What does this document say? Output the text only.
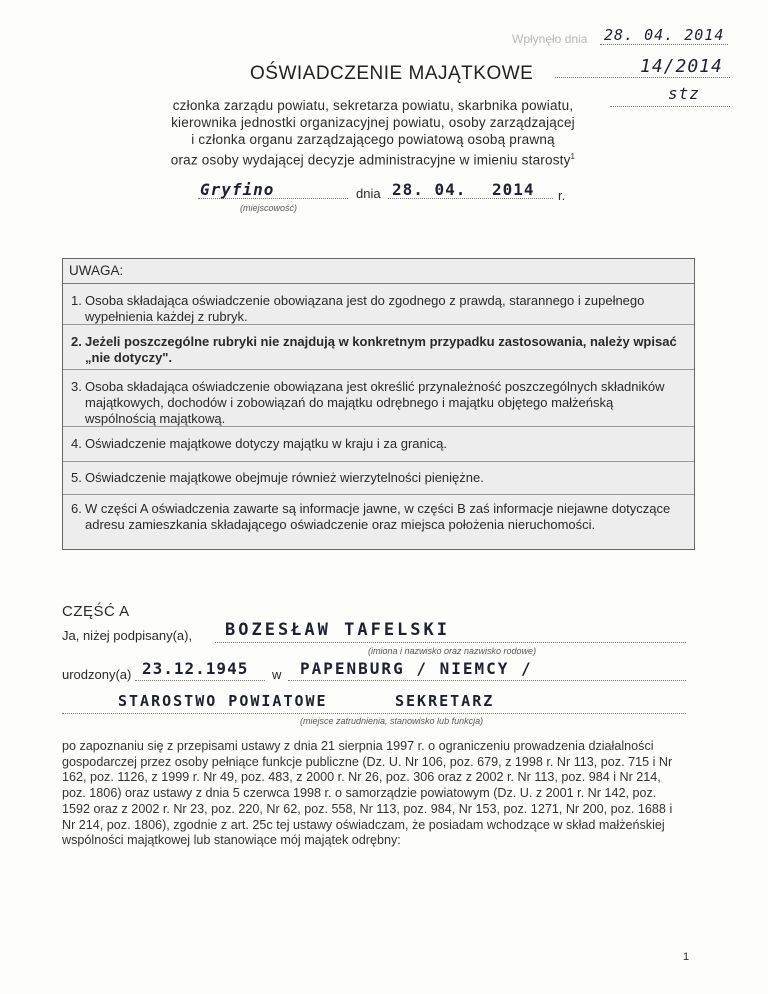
Wpłynęło dnia 28. 04. 2014
14/2014
stz
OŚWIADCZENIE MAJĄTKOWE
członka zarządu powiatu, sekretarza powiatu, skarbnika powiatu,
kierownika jednostki organizacyjnej powiatu, osoby zarządzającej
i członka organu zarządzającego powiatową osobą prawną
oraz osoby wydającej decyzje administracyjne w imieniu starosty$^1$
Gryfino
(miejscowość)
dnia 28. 04. 2014 r.
UWAGA:
1. Osoba składająca oświadczenie obowiązana jest do zgodnego z prawdą, starannego i zupełnego wypełnienia każdej z rubryk.
2. Jeżeli poszczególne rubryki nie znajdują w konkretnym przypadku zastosowania, należy wpisać „nie dotyczy".
3. Osoba składająca oświadczenie obowiązana jest określić przynależność poszczególnych składników majątkowych, dochodów i zobowiązań do majątku odrębnego i majątku objętego małżeńską wspólnością majątkową.
4. Oświadczenie majątkowe dotyczy majątku w kraju i za granicą.
5. Oświadczenie majątkowe obejmuje również wierzytelności pieniężne.
6. W części A oświadczenia zawarte są informacje jawne, w części B zaś informacje niejawne dotyczące adresu zamieszkania składającego oświadczenie oraz miejsca położenia nieruchomości.
CZĘŚĆ A
Ja, niżej podpisany(a), BOZESŁAW TAFELSKI
(imiona i nazwisko oraz nazwisko rodowe)
urodzony(a) 23.12.1945 w PAPENBURG / NIEMCY /
STAROSTWO POWIATOWE	SEKRETARZ
(miejsce zatrudnienia, stanowisko lub funkcja)
po zapoznaniu się z przepisami ustawy z dnia 21 sierpnia 1997 r. o ograniczeniu prowadzenia działalności gospodarczej przez osoby pełniące funkcje publiczne (Dz. U. Nr 106, poz. 679, z 1998 r. Nr 113, poz. 715 i Nr 162, poz. 1126, z 1999 r. Nr 49, poz. 483, z 2000 r. Nr 26, poz. 306 oraz z 2002 r. Nr 113, poz. 984 i Nr 214, poz. 1806) oraz ustawy z dnia 5 czerwca 1998 r. o samorządzie powiatowym (Dz. U. z 2001 r. Nr 142, poz. 1592 oraz z 2002 r. Nr 23, poz. 220, Nr 62, poz. 558, Nr 113, poz. 984, Nr 153, poz. 1271, Nr 200, poz. 1688 i Nr 214, poz. 1806), zgodnie z art. 25c tej ustawy oświadczam, że posiadam wchodzące w skład małżeńskiej wspólności majątkowej lub stanowiące mój majątek odrębny:
1
